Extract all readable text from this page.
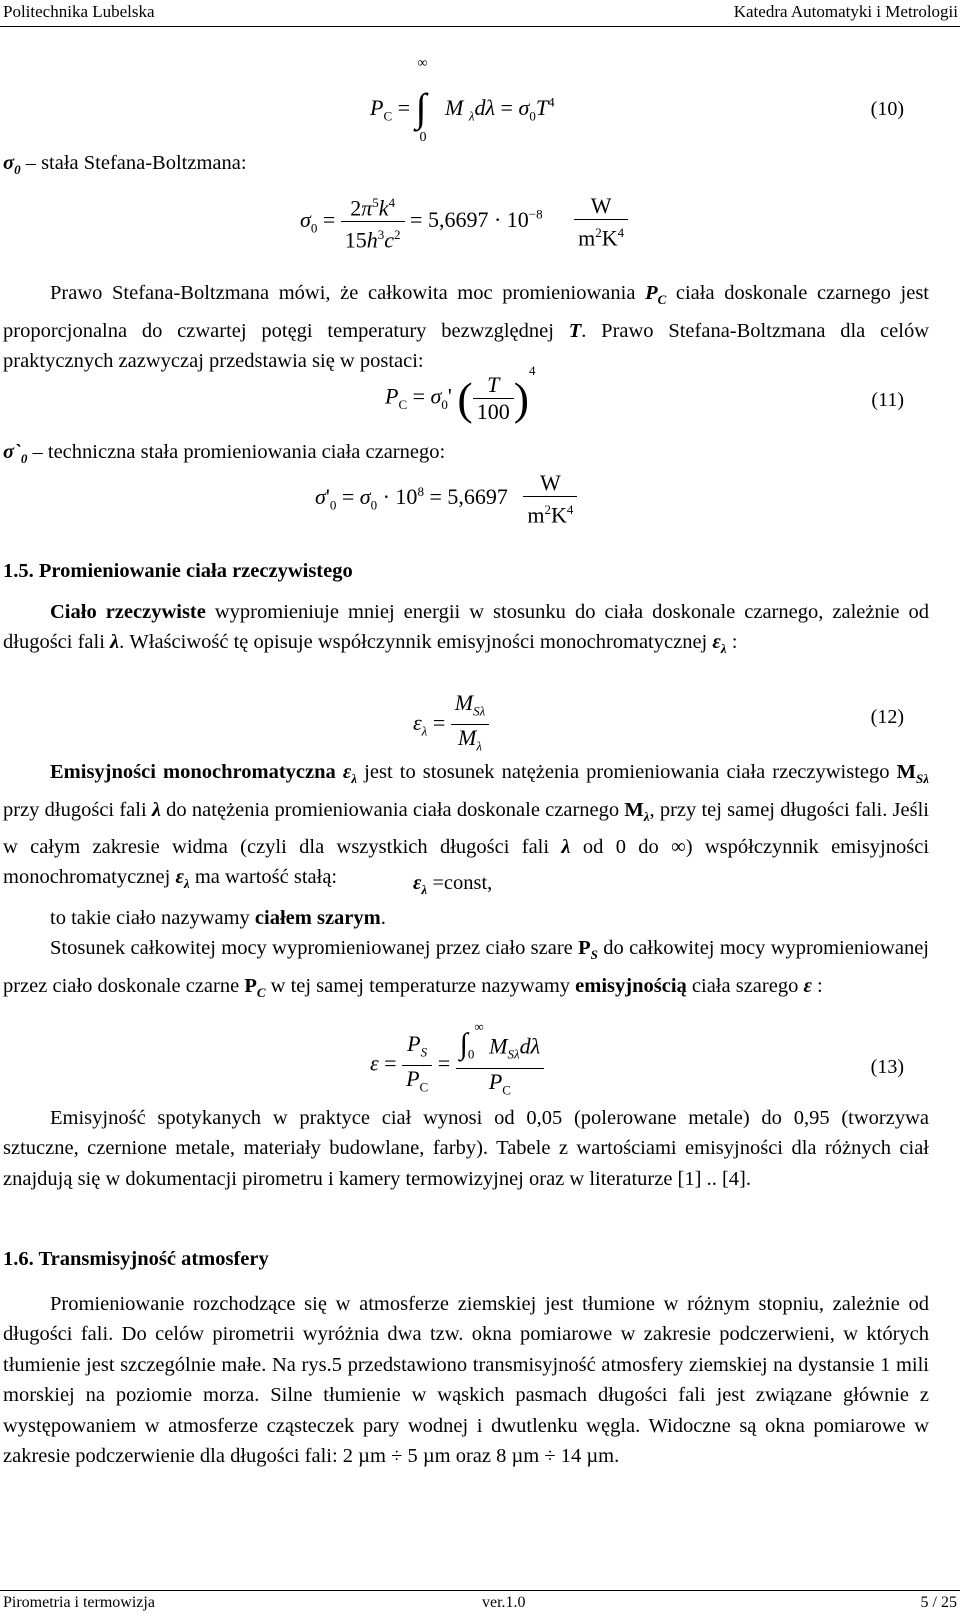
Politechnika Lubelska	Katedra Automatyki i Metrologii
$P_C$ =
∞
∫
0
M $_\lambda d\lambda = \sigma_0T^4$	(10)
$\sigma_0$ – stała Stefana-Boltzmana:
$\sigma_0 = \frac{2\pi^5k^4}{15h^3c^2} = 5,6697 \cdot 10^{-8} \frac{W}{m^2K^4}$
Prawo Stefana-Boltzmana mówi, że całkowita moc promieniowania $P_C$ ciała doskonale czarnego jest proporcjonalna do czwartej potęgi temperatury bezwzględnej T. Prawo Stefana-Boltzmana dla celów praktycznych zazwyczaj przedstawia się w postaci:
$P_C = \sigma_0'$ ( $\frac{T}{100} )^4$
(11)
$\sigma`_0$ – techniczna stała promieniowania ciała czarnego:
$\sigma'_0 = \sigma_0 \cdot 10^8 = 5,6697 \frac{W}{m^2K^4}$
1.5. Promieniowanie ciała rzeczywistego
Ciało rzeczywiste wypromieniuje mniej energii w stosunku do ciała doskonale czarnego, zależnie od długości fali λ. Właściwość tę opisuje współczynnik emisyjności monochromatycznej $\varepsilon_\lambda$ :
$\varepsilon_\lambda = \frac{M_{S\lambda}}{M_\lambda}$	(12)
Emisyjności monochromatyczna $\varepsilon_\lambda$ jest to stosunek natężenia promieniowania ciała rzeczywistego $M_{S\lambda}$ przy długości fali λ do natężenia promieniowania ciała doskonale czarnego $M_\lambda$, przy tej samej długości fali. Jeśli w całym zakresie widma (czyli dla wszystkich długości fali λ od 0 do ∞) współczynnik emisyjności monochromatycznej $\varepsilon_\lambda$ ma wartość stałą:	$\varepsilon_\lambda$ =const,
to takie ciało nazywamy ciałem szarym.
Stosunek całkowitej mocy wypromieniowanej przez ciało szare $P_S$ do całkowitej mocy wypromieniowanej przez ciało doskonale czarne $P_C$ w tej samej temperaturze nazywamy emisyjnością ciała szarego ε :
$\varepsilon = \frac{P_S}{P_C} = \frac{\int_0^\infty M_{S\lambda}d\lambda}{P_C}$	(13)
Emisyjność spotykanych w praktyce ciał wynosi od 0,05 (polerowane metale) do 0,95 (tworzywa sztuczne, czernione metale, materiały budowlane, farby). Tabele z wartościami emisyjności dla różnych ciał znajdują się w dokumentacji pirometru i kamery termowizyjnej oraz w literaturze [1] .. [4].
1.6. Transmisyjność atmosfery
Promieniowanie rozchodzące się w atmosferze ziemskiej jest tłumione w różnym stopniu, zależnie od długości fali. Do celów pirometrii wyróżnia dwa tzw. okna pomiarowe w zakresie podczerwieni, w których tłumienie jest szczególnie małe. Na rys.5 przedstawiono transmisyjność atmosfery ziemskiej na dystansie 1 mili morskiej na poziomie morza. Silne tłumienie w wąskich pasmach długości fali jest związane głównie z występowaniem w atmosferze cząsteczek pary wodnej i dwutlenku węgla. Widoczne są okna pomiarowe w zakresie podczerwienie dla długości fali: 2 µm ÷ 5 µm oraz 8 µm ÷ 14 µm.
Pirometria i termowizja	ver.1.0	5 / 25
